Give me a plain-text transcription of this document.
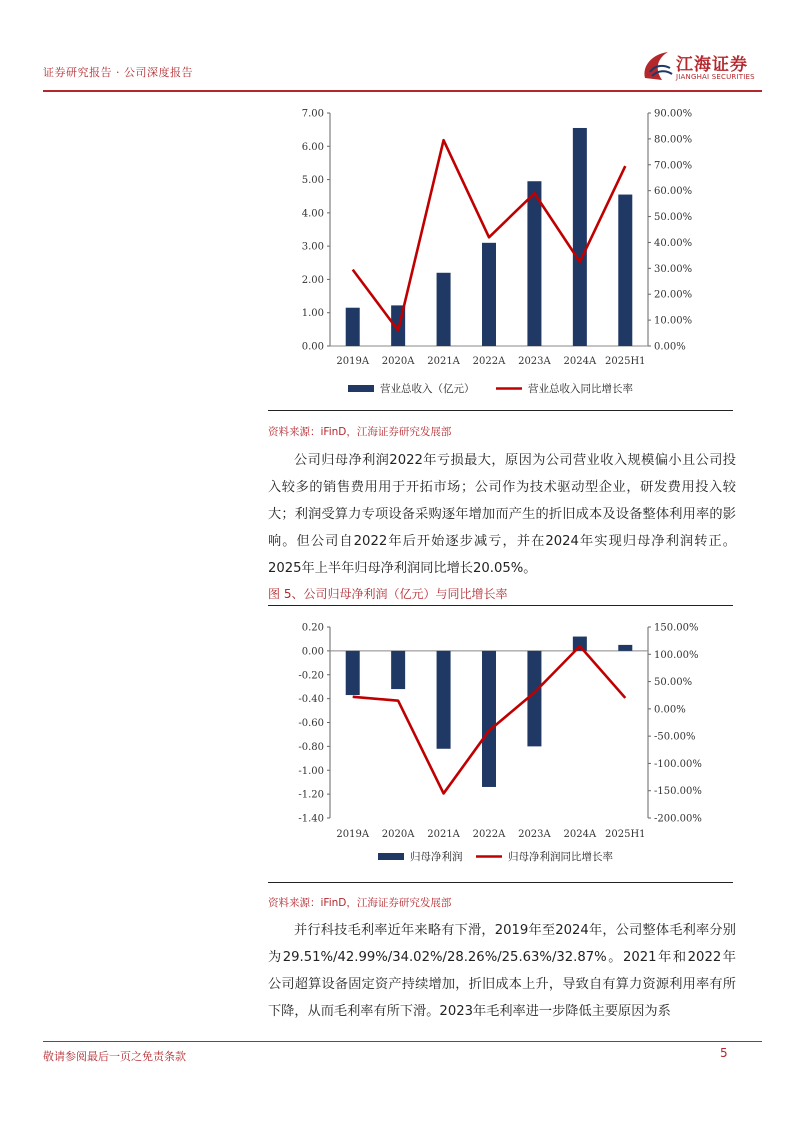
证券研究报告 · 公司深度报告	江海证券
JIANGHAI SECURITIES
0.00
1.00
2.00
3.00
4.00
5.00
6.00
7.00
0.00%
10.00%
20.00%
30.00%
40.00%
50.00%
60.00%
70.00%
80.00%
90.00%
2019A 2020A 2021A 2022A 2023A 2024A 2025H1
营业总收入（亿元）	营业总收入同比增长率
资料来源：iFinD，江海证券研究发展部

公司归母净利润2022年亏损最大，原因为公司营业收入规模偏小且公司投入较多的销售费用用于开拓市场；公司作为技术驱动型企业，研发费用投入较大；利润受算力专项设备采购逐年增加而产生的折旧成本及设备整体利用率的影响。但公司自2022年后开始逐步减亏，并在2024年实现归母净利润转正。2025年上半年归母净利润同比增长20.05%。

图 5、公司归母净利润（亿元）与同比增长率
-1.40
-1.20
-1.00
-0.80
-0.60
-0.40
-0.20
0.00
0.20
-200.00%
-150.00%
-100.00%
-50.00%
0.00%
50.00%
100.00%
150.00%
2019A 2020A 2021A 2022A 2023A 2024A 2025H1
归母净利润	归母净利润同比增长率
资料来源：iFinD，江海证券研究发展部

并行科技毛利率近年来略有下滑，2019年至2024年，公司整体毛利率分别为29.51%/42.99%/34.02%/28.26%/25.63%/32.87%。2021年和2022年公司超算设备固定资产持续增加，折旧成本上升，导致自有算力资源利用率有所下降，从而毛利率有所下滑。2023年毛利率进一步降低主要原因为系

敬请参阅最后一页之免责条款	5
